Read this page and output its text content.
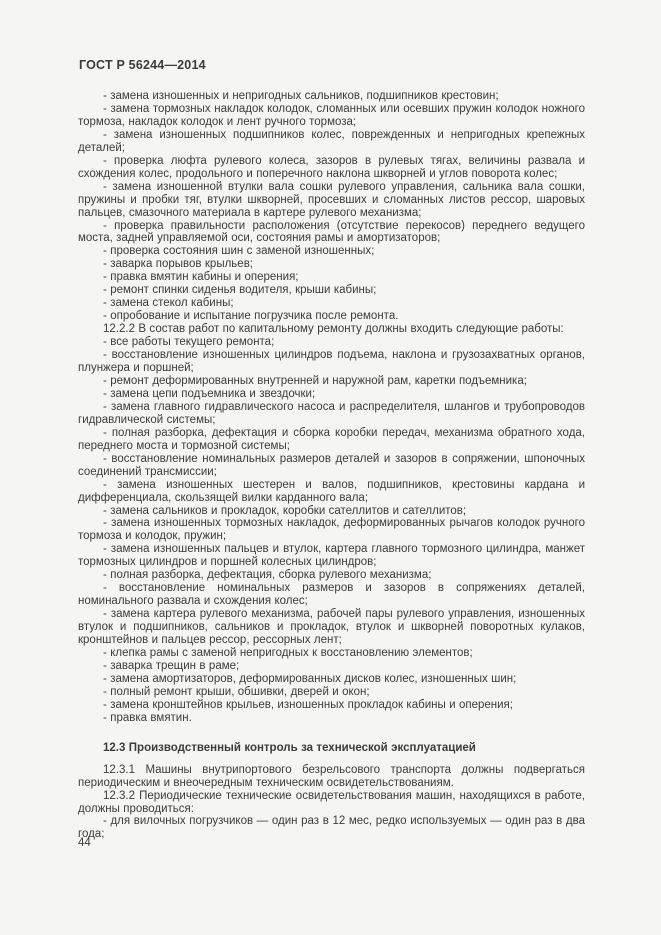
ГОСТ Р 56244—2014

- замена изношенных и непригодных сальников, подшипников крестовин;

- замена тормозных накладок колодок, сломанных или осевших пружин колодок ножного тормоза, накладок колодок и лент ручного тормоза;

- замена изношенных подшипников колес, поврежденных и непригодных крепежных деталей;

- проверка люфта рулевого колеса, зазоров в рулевых тягах, величины развала и схождения колес, продольного и поперечного наклона шкворней и углов поворота колес;

- замена изношенной втулки вала сошки рулевого управления, сальника вала сошки, пружины и пробки тяг, втулки шкворней, просевших и сломанных листов рессор, шаровых пальцев, смазочного материала в картере рулевого механизма;

- проверка правильности расположения (отсутствие перекосов) переднего ведущего моста, задней управляемой оси, состояния рамы и амортизаторов;

- проверка состояния шин с заменой изношенных;

- заварка порывов крыльев;

- правка вмятин кабины и оперения;

- ремонт спинки сиденья водителя, крыши кабины;

- замена стекол кабины;

- опробование и испытание погрузчика после ремонта.

12.2.2 В состав работ по капитальному ремонту должны входить следующие работы:

- все работы текущего ремонта;

- восстановление изношенных цилиндров подъема, наклона и грузозахватных органов, плунжера и поршней;

- ремонт деформированных внутренней и наружной рам, каретки подъемника;

- замена цепи подъемника и звездочки;

- замена главного гидравлического насоса и распределителя, шлангов и трубопроводов гидравлической системы;

- полная разборка, дефектация и сборка коробки передач, механизма обратного хода, переднего моста и тормозной системы;

- восстановление номинальных размеров деталей и зазоров в сопряжении, шпоночных соединений трансмиссии;

- замена изношенных шестерен и валов, подшипников, крестовины кардана и дифференциала, скользящей вилки карданного вала;

- замена сальников и прокладок, коробки сателлитов и сателлитов;

- замена изношенных тормозных накладок, деформированных рычагов колодок ручного тормоза и колодок, пружин;

- замена изношенных пальцев и втулок, картера главного тормозного цилиндра, манжет тормозных цилиндров и поршней колесных цилиндров;

- полная разборка, дефектация, сборка рулевого механизма;

- восстановление номинальных размеров и зазоров в сопряжениях деталей, номинального развала и схождения колес;

- замена картера рулевого механизма, рабочей пары рулевого управления, изношенных втулок и подшипников, сальников и прокладок, втулок и шкворней поворотных кулаков, кронштейнов и пальцев рессор, рессорных лент;

- клепка рамы с заменой непригодных к восстановлению элементов;

- заварка трещин в раме;

- замена амортизаторов, деформированных дисков колес, изношенных шин;

- полный ремонт крыши, обшивки, дверей и окон;

- замена кронштейнов крыльев, изношенных прокладок кабины и оперения;

- правка вмятин.

12.3 Производственный контроль за технической эксплуатацией

12.3.1 Машины внутрипортового безрельсового транспорта должны подвергаться периодическим и внеочередным техническим освидетельствованиям.

12.3.2 Периодические технические освидетельствования машин, находящихся в работе, должны проводиться:

- для вилочных погрузчиков — один раз в 12 мес, редко используемых — один раз в два года;

44
